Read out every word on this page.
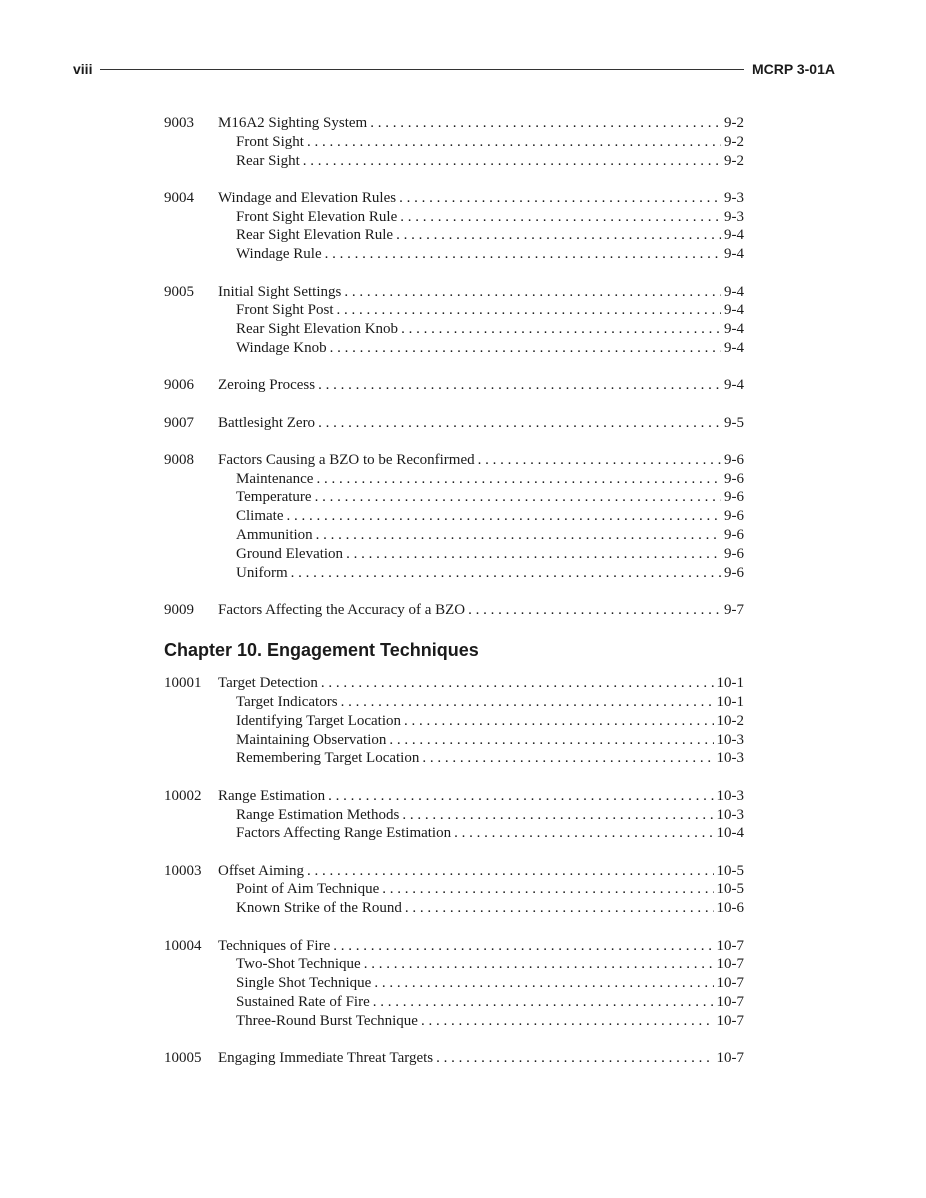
viii	MCRP 3-01A
9003	M16A2 Sighting System . . .	9-2
Front Sight . . .	9-2
Rear Sight . . .	9-2
9004	Windage and Elevation Rules . . .	9-3
Front Sight Elevation Rule . . .	9-3
Rear Sight Elevation Rule . . .	9-4
Windage Rule . . .	9-4
9005	Initial Sight Settings . . .	9-4
Front Sight Post . . .	9-4
Rear Sight Elevation Knob . . .	9-4
Windage Knob . . .	9-4
9006	Zeroing Process . . .	9-4
9007	Battlesight Zero . . .	9-5
9008	Factors Causing a BZO to be Reconfirmed . . .	9-6
Maintenance . . .	9-6
Temperature . . .	9-6
Climate . . .	9-6
Ammunition . . .	9-6
Ground Elevation . . .	9-6
Uniform . . .	9-6
9009	Factors Affecting the Accuracy of a BZO . . .	9-7
Chapter 10. Engagement Techniques
10001	Target Detection . . .	10-1
Target Indicators . . .	10-1
Identifying Target Location . . .	10-2
Maintaining Observation . . .	10-3
Remembering Target Location . . .	10-3
10002	Range Estimation . . .	10-3
Range Estimation Methods . . .	10-3
Factors Affecting Range Estimation . . .	10-4
10003	Offset Aiming . . .	10-5
Point of Aim Technique . . .	10-5
Known Strike of the Round . . .	10-6
10004	Techniques of Fire . . .	10-7
Two-Shot Technique . . .	10-7
Single Shot Technique . . .	10-7
Sustained Rate of Fire . . .	10-7
Three-Round Burst Technique . . .	10-7
10005	Engaging Immediate Threat Targets . . .	10-7
